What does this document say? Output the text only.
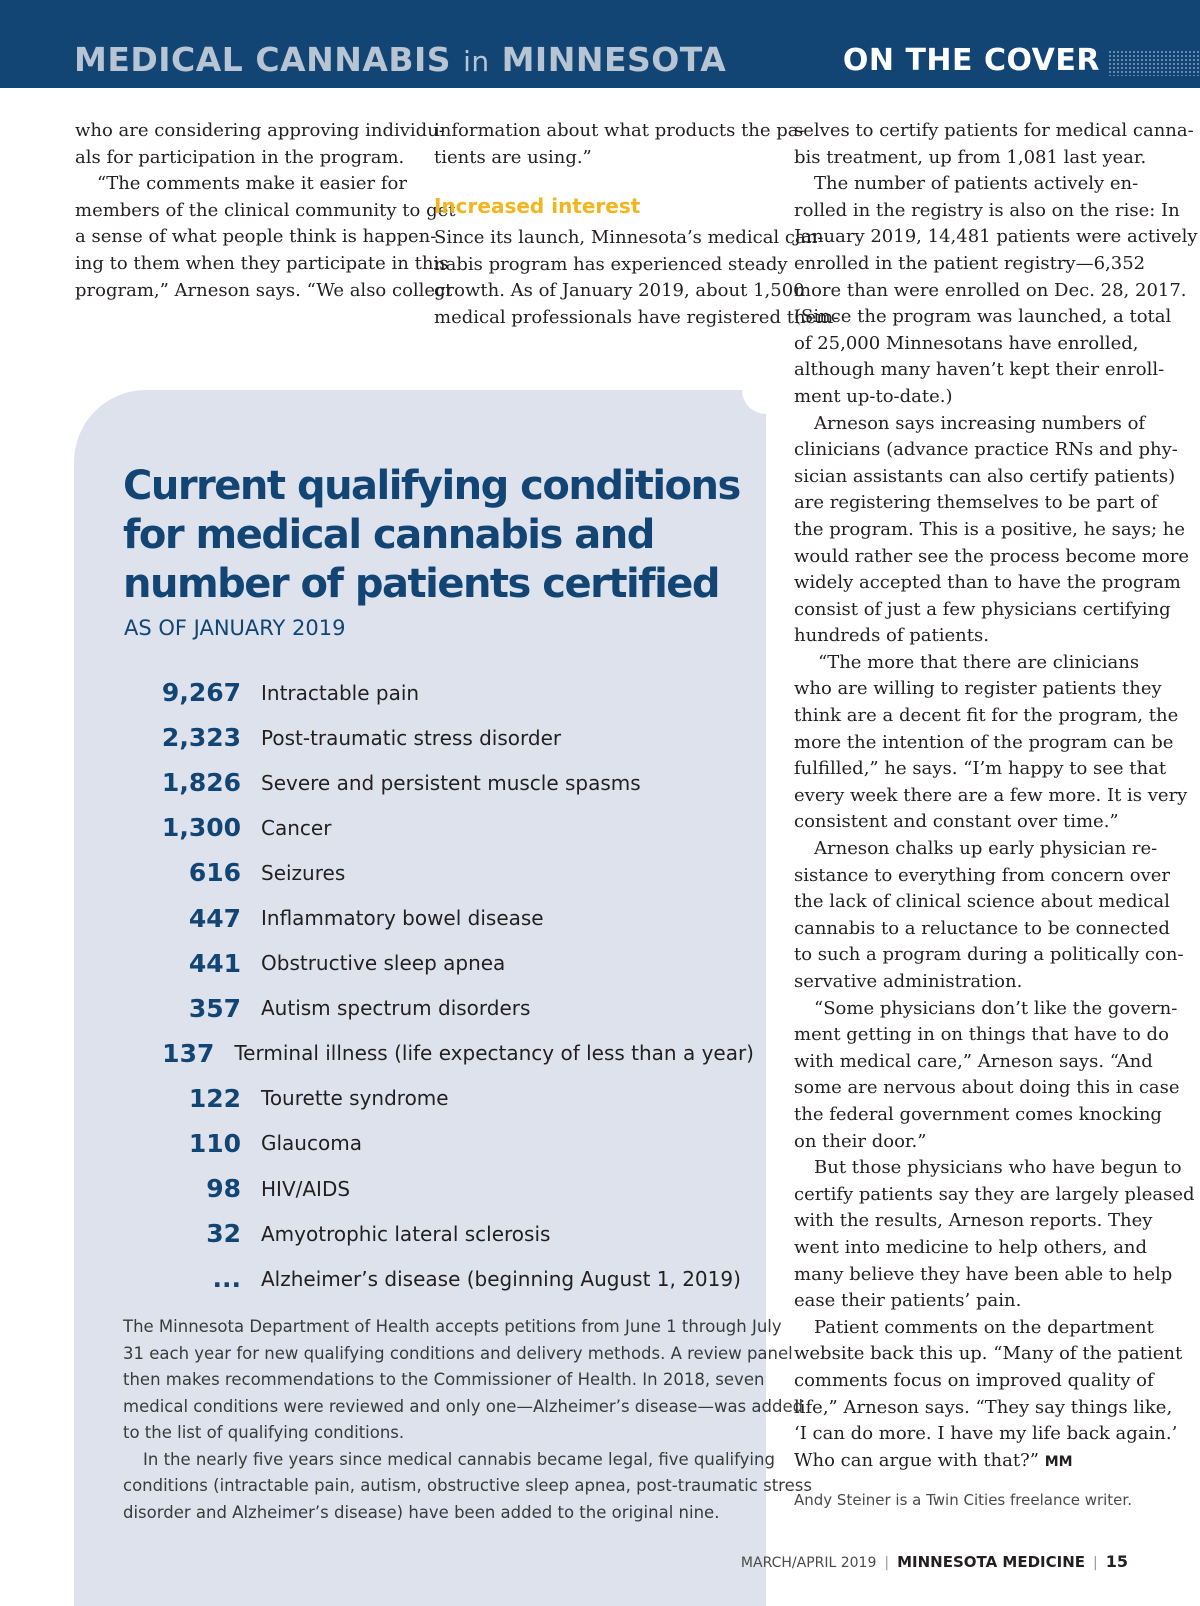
MEDICAL CANNABIS in MINNESOTA	ON THE COVER

who are considering approving individu-

als for participation in the program.

“The comments make it easier for

members of the clinical community to get

a sense of what people think is happen-

ing to them when they participate in this

program,” Arneson says. “We also collect

information about what products the pa-

tients are using.”

Increased interest

Since its launch, Minnesota’s medical can-

nabis program has experienced steady

growth. As of January 2019, about 1,500

medical professionals have registered them-

selves to certify patients for medical canna-

bis treatment, up from 1,081 last year.

The number of patients actively en-

rolled in the registry is also on the rise: In

January 2019, 14,481 patients were actively

enrolled in the patient registry—6,352

more than were enrolled on Dec. 28, 2017.

(Since the program was launched, a total

of 25,000 Minnesotans have enrolled,

although many haven’t kept their enroll-

ment up-to-date.)

Arneson says increasing numbers of

clinicians (advance practice RNs and phy-

sician assistants can also certify patients)

are registering themselves to be part of

the program. This is a positive, he says; he

would rather see the process become more

widely accepted than to have the program

consist of just a few physicians certifying

hundreds of patients.

“The more that there are clinicians

who are willing to register patients they

think are a decent fit for the program, the

more the intention of the program can be

fulfilled,” he says. “I’m happy to see that

every week there are a few more. It is very

consistent and constant over time.”

Arneson chalks up early physician re-

sistance to everything from concern over

the lack of clinical science about medical

cannabis to a reluctance to be connected

to such a program during a politically con-

servative administration.

“Some physicians don’t like the govern-

ment getting in on things that have to do

with medical care,” Arneson says. “And

some are nervous about doing this in case

the federal government comes knocking

on their door.”

But those physicians who have begun to

certify patients say they are largely pleased

with the results, Arneson reports. They

went into medicine to help others, and

many believe they have been able to help

ease their patients’ pain.

Patient comments on the department

website back this up. “Many of the patient

comments focus on improved quality of

life,” Arneson says. “They say things like,

‘I can do more. I have my life back again.’

Who can argue with that?” MM

Andy Steiner is a Twin Cities freelance writer.

Current qualifying conditions
for medical cannabis and
number of patients certified
AS OF JANUARY 2019
9,267 Intractable pain
2,323 Post-traumatic stress disorder
1,826 Severe and persistent muscle spasms
1,300 Cancer
616 Seizures
447 Inflammatory bowel disease
441 Obstructive sleep apnea
357 Autism spectrum disorders
137 Terminal illness (life expectancy of less than a year)
122 Tourette syndrome
110 Glaucoma
98 HIV/AIDS
32 Amyotrophic lateral sclerosis
... Alzheimer’s disease (beginning August 1, 2019)

The Minnesota Department of Health accepts petitions from June 1 through July

31 each year for new qualifying conditions and delivery methods. A review panel

then makes recommendations to the Commissioner of Health. In 2018, seven

medical conditions were reviewed and only one—Alzheimer’s disease—was added

to the list of qualifying conditions.

In the nearly five years since medical cannabis became legal, five qualifying

conditions (intractable pain, autism, obstructive sleep apnea, post-traumatic stress

disorder and Alzheimer’s disease) have been added to the original nine.

MARCH/APRIL 2019 | MINNESOTA MEDICINE | 15
